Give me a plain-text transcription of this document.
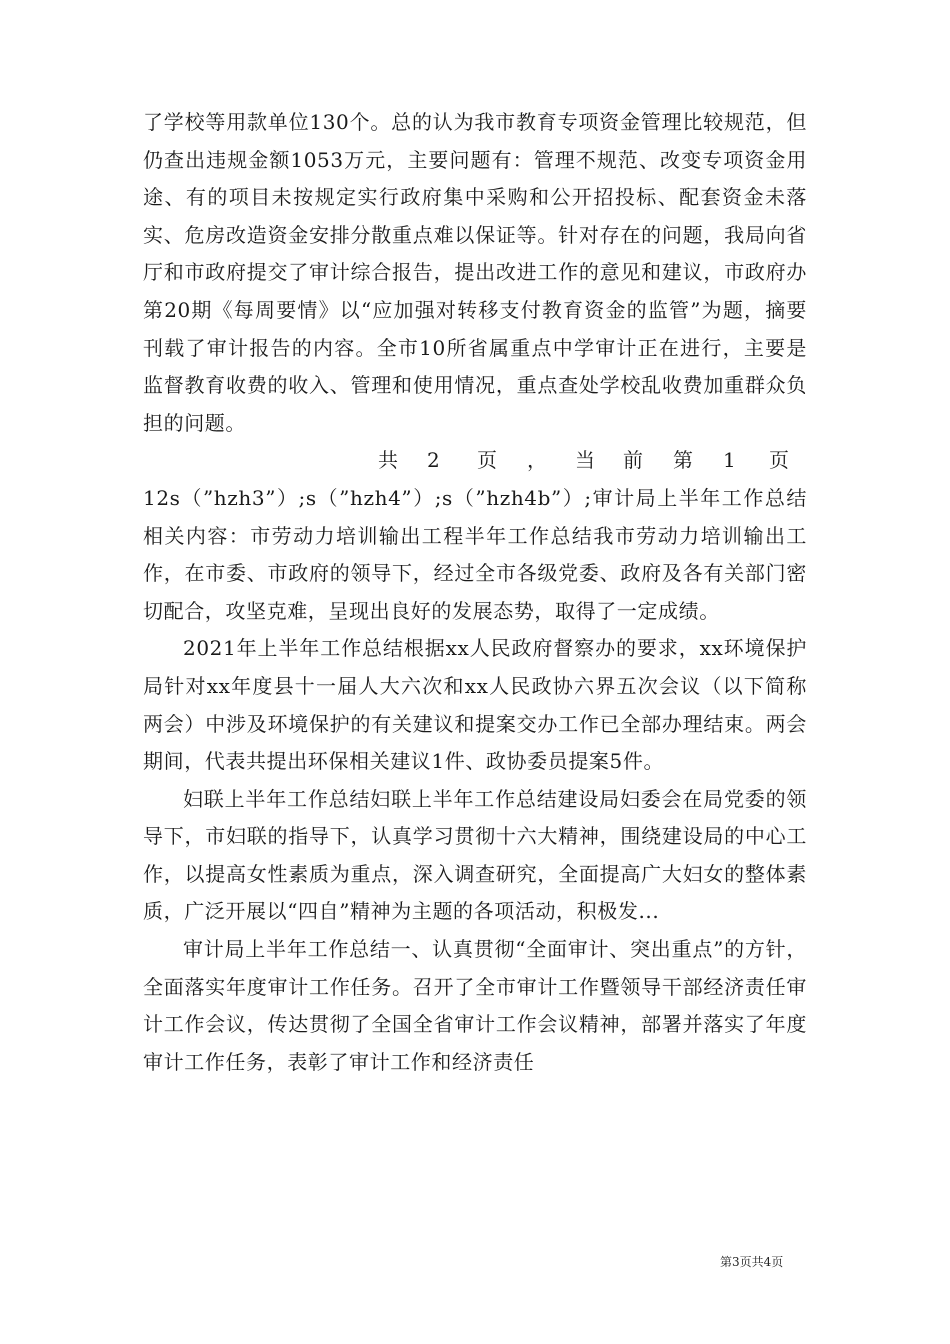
了学校等用款单位130个。总的认为我市教育专项资金管理比较规范，但仍查出违规金额1053万元，主要问题有：管理不规范、改变专项资金用途、有的项目未按规定实行政府集中采购和公开招投标、配套资金未落实、危房改造资金安排分散重点难以保证等。针对存在的问题，我局向省厅和市政府提交了审计综合报告，提出改进工作的意见和建议，市政府办第20期《每周要情》以“应加强对转移支付教育资金的监管”为题，摘要刊载了审计报告的内容。全市10所省属重点中学审计正在进行，主要是监督教育收费的收入、管理和使用情况，重点查处学校乱收费加重群众负担的问题。

共 2 页 ， 当 前 第 1 页

12s（”hzh3”）;s（”hzh4”）;s（”hzh4b”）;审计局上半年工作总结相关内容：市劳动力培训输出工程半年工作总结我市劳动力培训输出工作，在市委、市政府的领导下，经过全市各级党委、政府及各有关部门密切配合，攻坚克难，呈现出良好的发展态势，取得了一定成绩。

2021年上半年工作总结根据xx人民政府督察办的要求，xx环境保护局针对xx年度县十一届人大六次和xx人民政协六界五次会议（以下简称两会）中涉及环境保护的有关建议和提案交办工作已全部办理结束。两会期间，代表共提出环保相关建议1件、政协委员提案5件。

妇联上半年工作总结妇联上半年工作总结建设局妇委会在局党委的领导下，市妇联的指导下，认真学习贯彻十六大精神，围绕建设局的中心工作，以提高女性素质为重点，深入调查研究，全面提高广大妇女的整体素质，广泛开展以“四自”精神为主题的各项活动，积极发...

审计局上半年工作总结一、认真贯彻“全面审计、突出重点”的方针，全面落实年度审计工作任务。召开了全市审计工作暨领导干部经济责任审计工作会议，传达贯彻了全国全省审计工作会议精神，部署并落实了年度审计工作任务，表彰了审计工作和经济责任

第3页共4页
